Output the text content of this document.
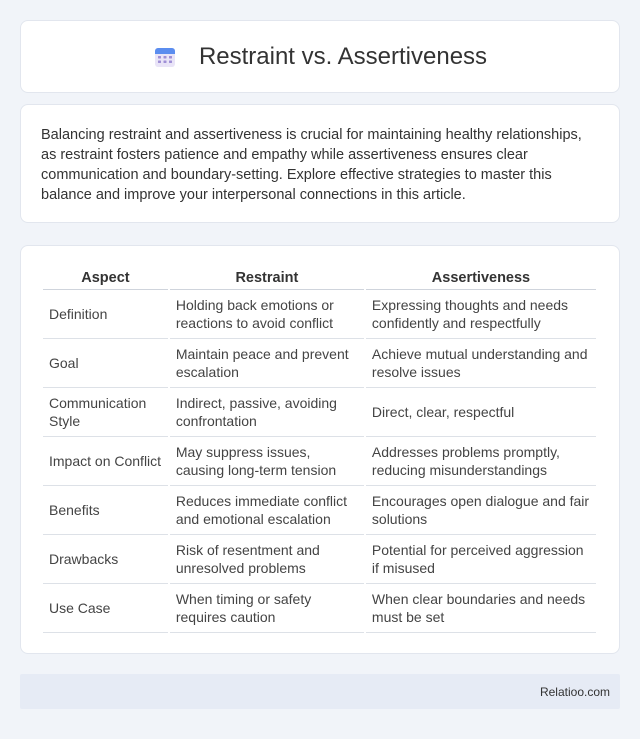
Restraint vs. Assertiveness

Balancing restraint and assertiveness is crucial for maintaining healthy relationships, as restraint fosters patience and empathy while assertiveness ensures clear communication and boundary-setting. Explore effective strategies to master this balance and improve your interpersonal connections in this article.

Aspect	Restraint	Assertiveness
Definition	Holding back emotions or reactions to avoid conflict	Expressing thoughts and needs confidently and respectfully
Goal	Maintain peace and prevent escalation	Achieve mutual understanding and resolve issues
Communication Style	Indirect, passive, avoiding confrontation	Direct, clear, respectful
Impact on Conflict	May suppress issues, causing long-term tension	Addresses problems promptly, reducing misunderstandings
Benefits	Reduces immediate conflict and emotional escalation	Encourages open dialogue and fair solutions
Drawbacks	Risk of resentment and unresolved problems	Potential for perceived aggression if misused
Use Case	When timing or safety requires caution	When clear boundaries and needs must be set
Relatioo.com
